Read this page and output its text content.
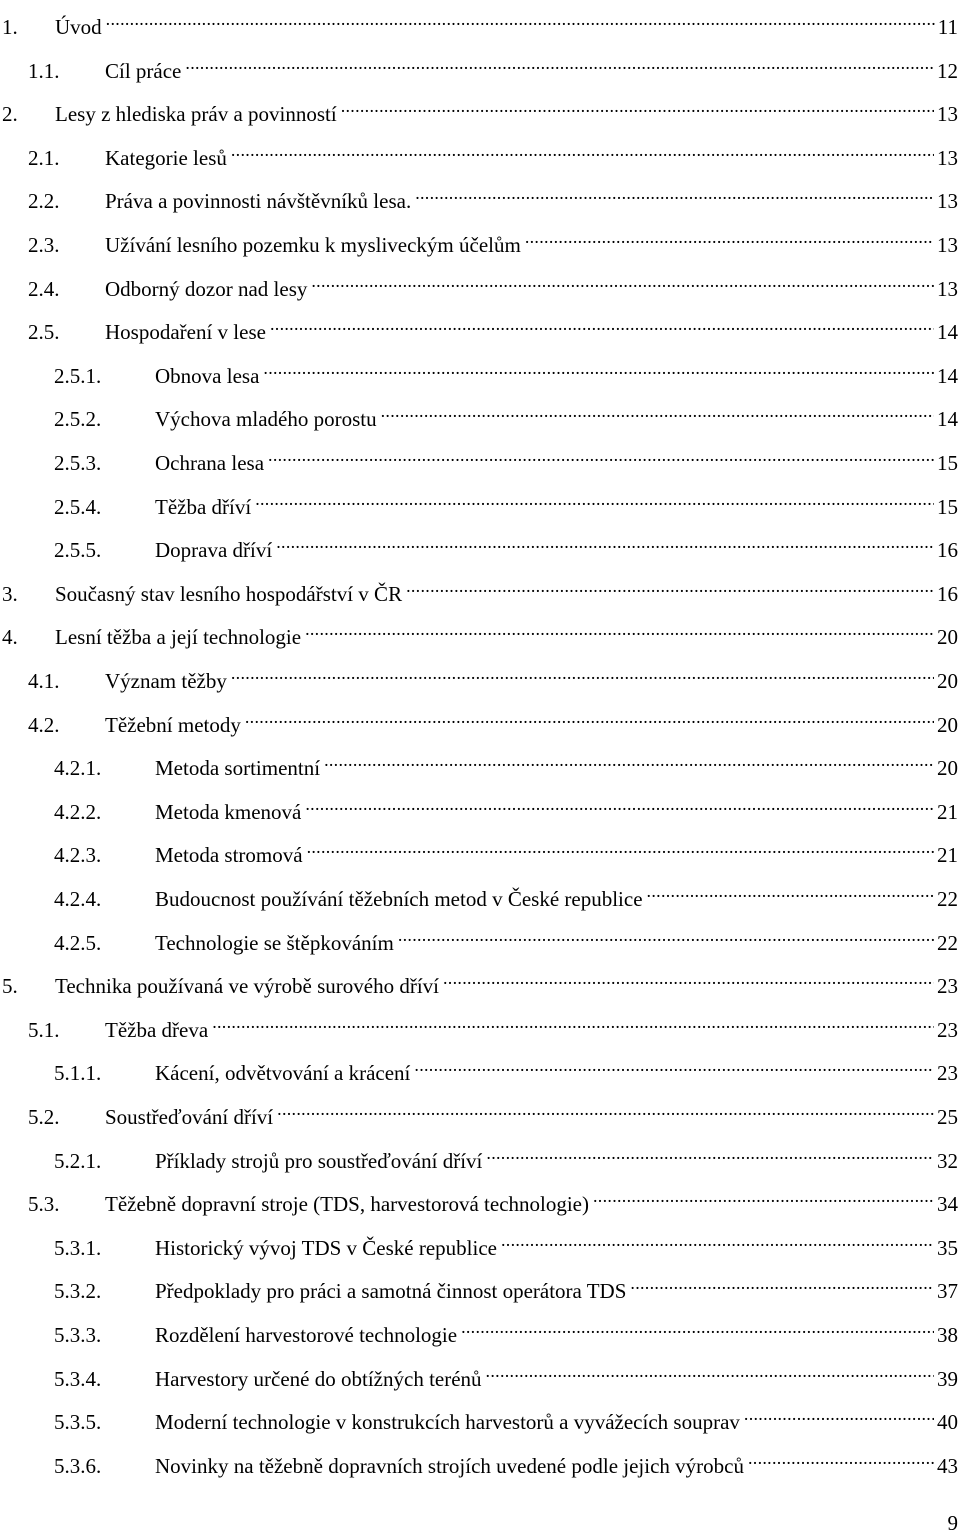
1.	Úvod .....	11
1.1.	Cíl práce .....	12
2.	Lesy z hlediska práv a povinností .....	13
2.1.	Kategorie lesů .....	13
2.2.	Práva a povinnosti návštěvníků lesa. .....	13
2.3.	Užívání lesního pozemku k mysliveckým účelům .....	13
2.4.	Odborný dozor nad lesy .....	13
2.5.	Hospodaření v lese .....	14
2.5.1.	Obnova lesa .....	14
2.5.2.	Výchova mladého porostu .....	14
2.5.3.	Ochrana lesa .....	15
2.5.4.	Těžba dříví .....	15
2.5.5.	Doprava dříví .....	16
3.	Současný stav lesního hospodářství v ČR .....	16
4.	Lesní těžba a její technologie .....	20
4.1.	Význam těžby .....	20
4.2.	Těžební metody .....	20
4.2.1.	Metoda sortimentní .....	20
4.2.2.	Metoda kmenová .....	21
4.2.3.	Metoda stromová .....	21
4.2.4.	Budoucnost používání těžebních metod v České republice .....	22
4.2.5.	Technologie se štěpkováním .....	22
5.	Technika používaná ve výrobě surového dříví .....	23
5.1.	Těžba dřeva .....	23
5.1.1.	Kácení, odvětvování a krácení .....	23
5.2.	Soustřeďování dříví .....	25
5.2.1.	Příklady strojů pro soustřeďování dříví .....	32
5.3.	Těžebně dopravní stroje (TDS, harvestorová technologie) .....	34
5.3.1.	Historický vývoj TDS v České republice .....	35
5.3.2.	Předpoklady pro práci a samotná činnost operátora TDS .....	37
5.3.3.	Rozdělení harvestorové technologie .....	38
5.3.4.	Harvestory určené do obtížných terénů .....	39
5.3.5.	Moderní technologie v konstrukcích harvestorů a vyvážecích souprav .....	40
5.3.6.	Novinky na těžebně dopravních strojích uvedené podle jejich výrobců .....	43
9
